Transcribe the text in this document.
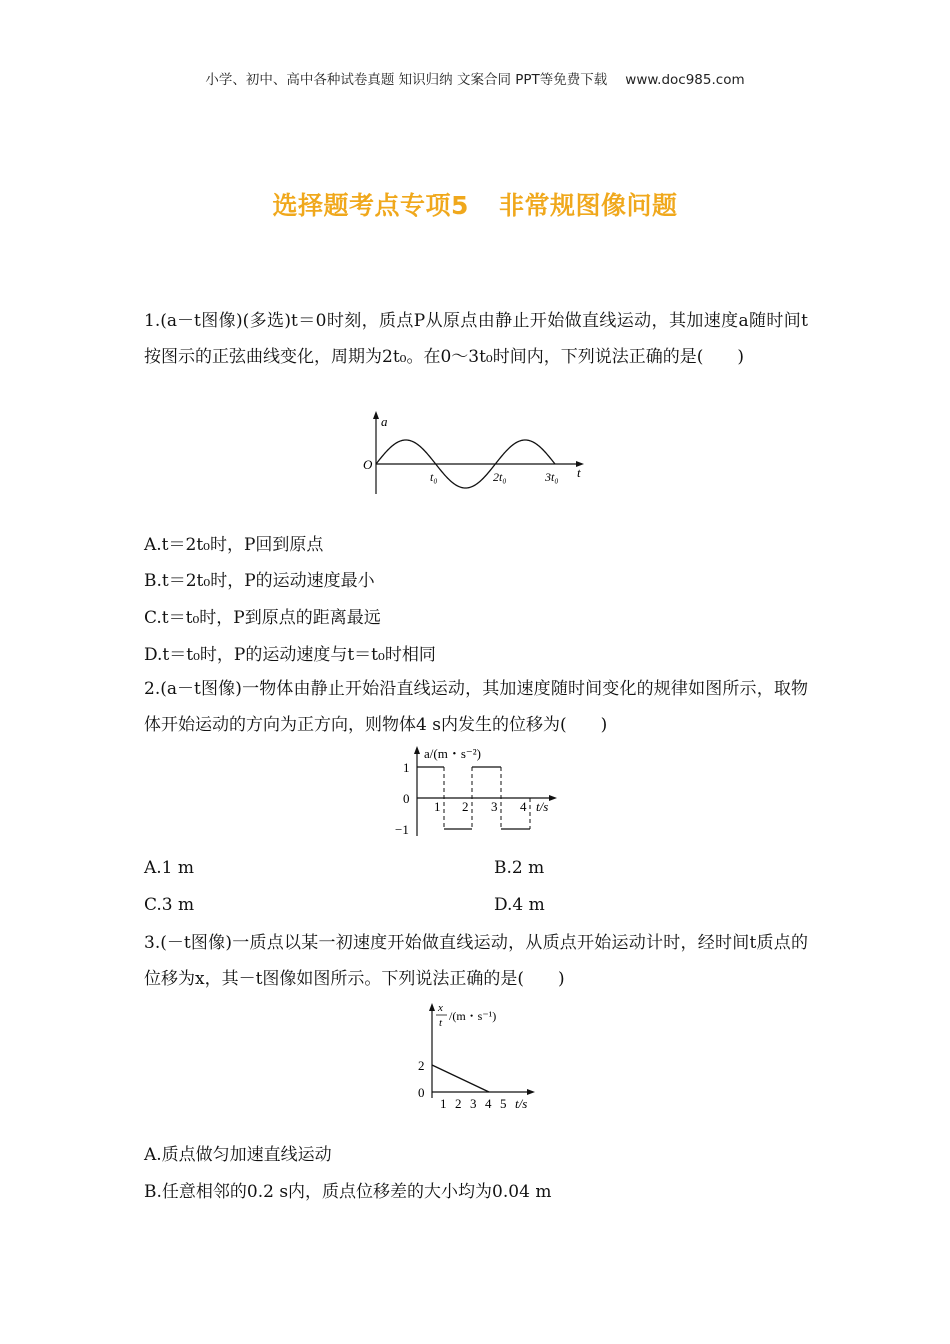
小学、初中、高中各种试卷真题 知识归纳 文案合同 PPT等免费下载 www.doc985.com
选择题考点专项5 非常规图像问题
1.(a－t图像)(多选)t＝0时刻，质点P从原点由静止开始做直线运动，其加速度a随时间t按图示的正弦曲线变化，周期为2t₀。在0～3t₀时间内，下列说法正确的是(　　)
a
O
t
t₀	2t₀	3t₀
A.t＝2t₀时，P回到原点
B.t＝2t₀时，P的运动速度最小
C.t＝t₀时，P到原点的距离最远
D.t＝t₀时，P的运动速度与t＝t₀时相同
2.(a－t图像)一物体由静止开始沿直线运动，其加速度随时间变化的规律如图所示，取物体开始运动的方向为正方向，则物体4 s内发生的位移为(　　)
a/(m・s⁻²)
1
0
−1
1 2 3 4 t/s
A.1 m	B.2 m
C.3 m	D.4 m
3.(－t图像)一质点以某一初速度开始做直线运动，从质点开始运动计时，经时间t质点的位移为x，其－t图像如图所示。下列说法正确的是(　　)
x
t /(m・s⁻¹)
2
0
1 2 3 4 5 t/s
A.质点做匀加速直线运动
B.任意相邻的0.2 s内，质点位移差的大小均为0.04 m
